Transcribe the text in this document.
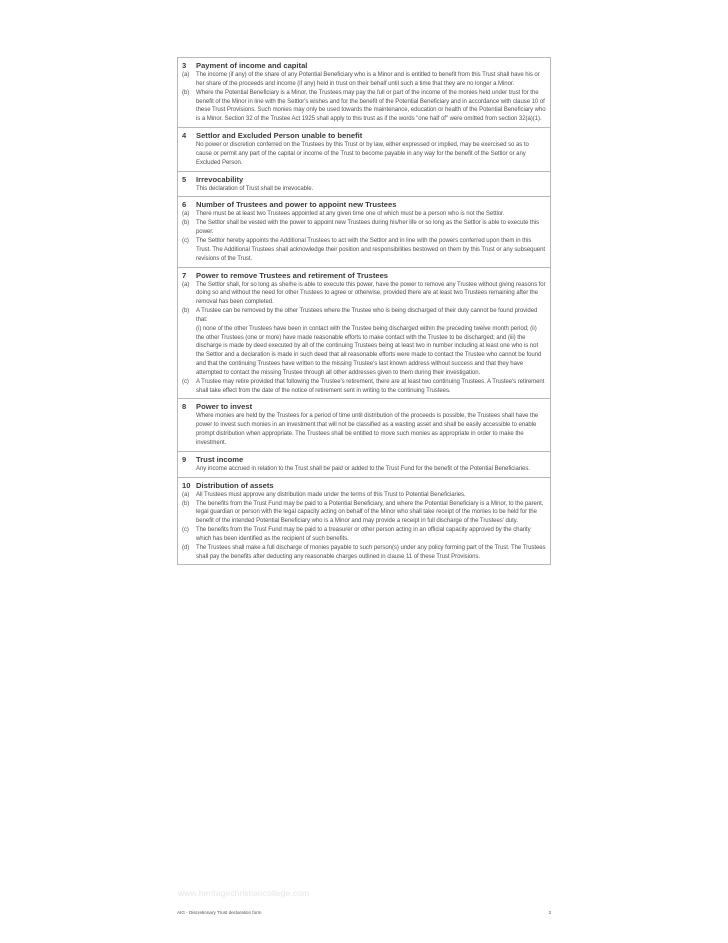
www.heritagechristiancollege.com
3	Payment of income and capital
(a)	The income (if any) of the share of any Potential Beneficiary who is a Minor and is entitled to benefit from this Trust shall have his or her share of the proceeds and income (if any) held in trust on their behalf until such a time that they are no longer a Minor.
(b)	Where the Potential Beneficiary is a Minor, the Trustees may pay the full or part of the income of the monies held under trust for the benefit of the Minor in line with the Settlor's wishes and for the benefit of the Potential Beneficiary and in accordance with clause 10 of these Trust Provisions. Such monies may only be used towards the maintenance, education or health of the Potential Beneficiary who is a Minor. Section 32 of the Trustee Act 1925 shall apply to this trust as if the words "one half of" were omitted from section 32(a)(1).
4	Settlor and Excluded Person unable to benefit
No power or discretion conferred on the Trustees by this Trust or by law, either expressed or implied, may be exercised so as to cause or permit any part of the capital or income of the Trust to become payable in any way for the benefit of the Settlor or any Excluded Person.
5	Irrevocability
This declaration of Trust shall be irrevocable.
6	Number of Trustees and power to appoint new Trustees
(a)	There must be at least two Trustees appointed at any given time one of which must be a person who is not the Settlor.
(b)	The Settlor shall be vested with the power to appoint new Trustees during his/her life or so long as the Settlor is able to execute this power.
(c)	The Settlor hereby appoints the Additional Trustees to act with the Settlor and in line with the powers conferred upon them in this Trust. The Additional Trustees shall acknowledge their position and responsibilities bestowed on them by this Trust or any subsequent revisions of the Trust.
7	Power to remove Trustees and retirement of Trustees
(a)	The Settlor shall, for so long as she/he is able to execute this power, have the power to remove any Trustee without giving reasons for doing so and without the need for other Trustees to agree or otherwise, provided there are at least two Trustees remaining after the removal has been completed.
(b)	A Trustee can be removed by the other Trustees where the Trustee who is being discharged of their duty cannot be found provided that:
(i) none of the other Trustees have been in contact with the Trustee being discharged within the preceding twelve month period; (ii) the other Trustees (one or more) have made reasonable efforts to make contact with the Trustee to be discharged; and (iii) the discharge is made by deed executed by all of the continuing Trustees being at least two in number including at least one who is not the Settlor and a declaration is made in such deed that all reasonable efforts were made to contact the Trustee who cannot be found and that the continuing Trustees have written to the missing Trustee's last known address without success and that they have attempted to contact the missing Trustee through all other addresses given to them during their investigation.
(c)	A Trustee may retire provided that following the Trustee's retirement, there are at least two continuing Trustees. A Trustee's retirement shall take effect from the date of the notice of retirement sent in writing to the continuing Trustees.
8	Power to invest
Where monies are held by the Trustees for a period of time until distribution of the proceeds is possible, the Trustees shall have the power to invest such monies in an investment that will not be classified as a wasting asset and shall be easily accessible to enable prompt distribution when appropriate. The Trustees shall be entitled to move such monies as appropriate in order to make the investment.
9	Trust income
Any income accrued in relation to the Trust shall be paid or added to the Trust Fund for the benefit of the Potential Beneficiaries.
10 Distribution of assets
(a)	All Trustees must approve any distribution made under the terms of this Trust to Potential Beneficiaries.
(b)	The benefits from the Trust Fund may be paid to a Potential Beneficiary, and where the Potential Beneficiary is a Minor, to the parent, legal guardian or person with the legal capacity acting on behalf of the Minor who shall take receipt of the monies to be held for the benefit of the intended Potential Beneficiary who is a Minor and may provide a receipt in full discharge of the Trustees' duty.
(c)	The benefits from the Trust Fund may be paid to a treasurer or other person acting in an official capacity approved by the charity which has been identified as the recipient of such benefits.
(d)	The Trustees shall make a full discharge of monies payable to such person(s) under any policy forming part of the Trust. The Trustees shall pay the benefits after deducting any reasonable charges outlined in clause 11 of these Trust Provisions.
AIG - Discretionary Trust declaration form	3
